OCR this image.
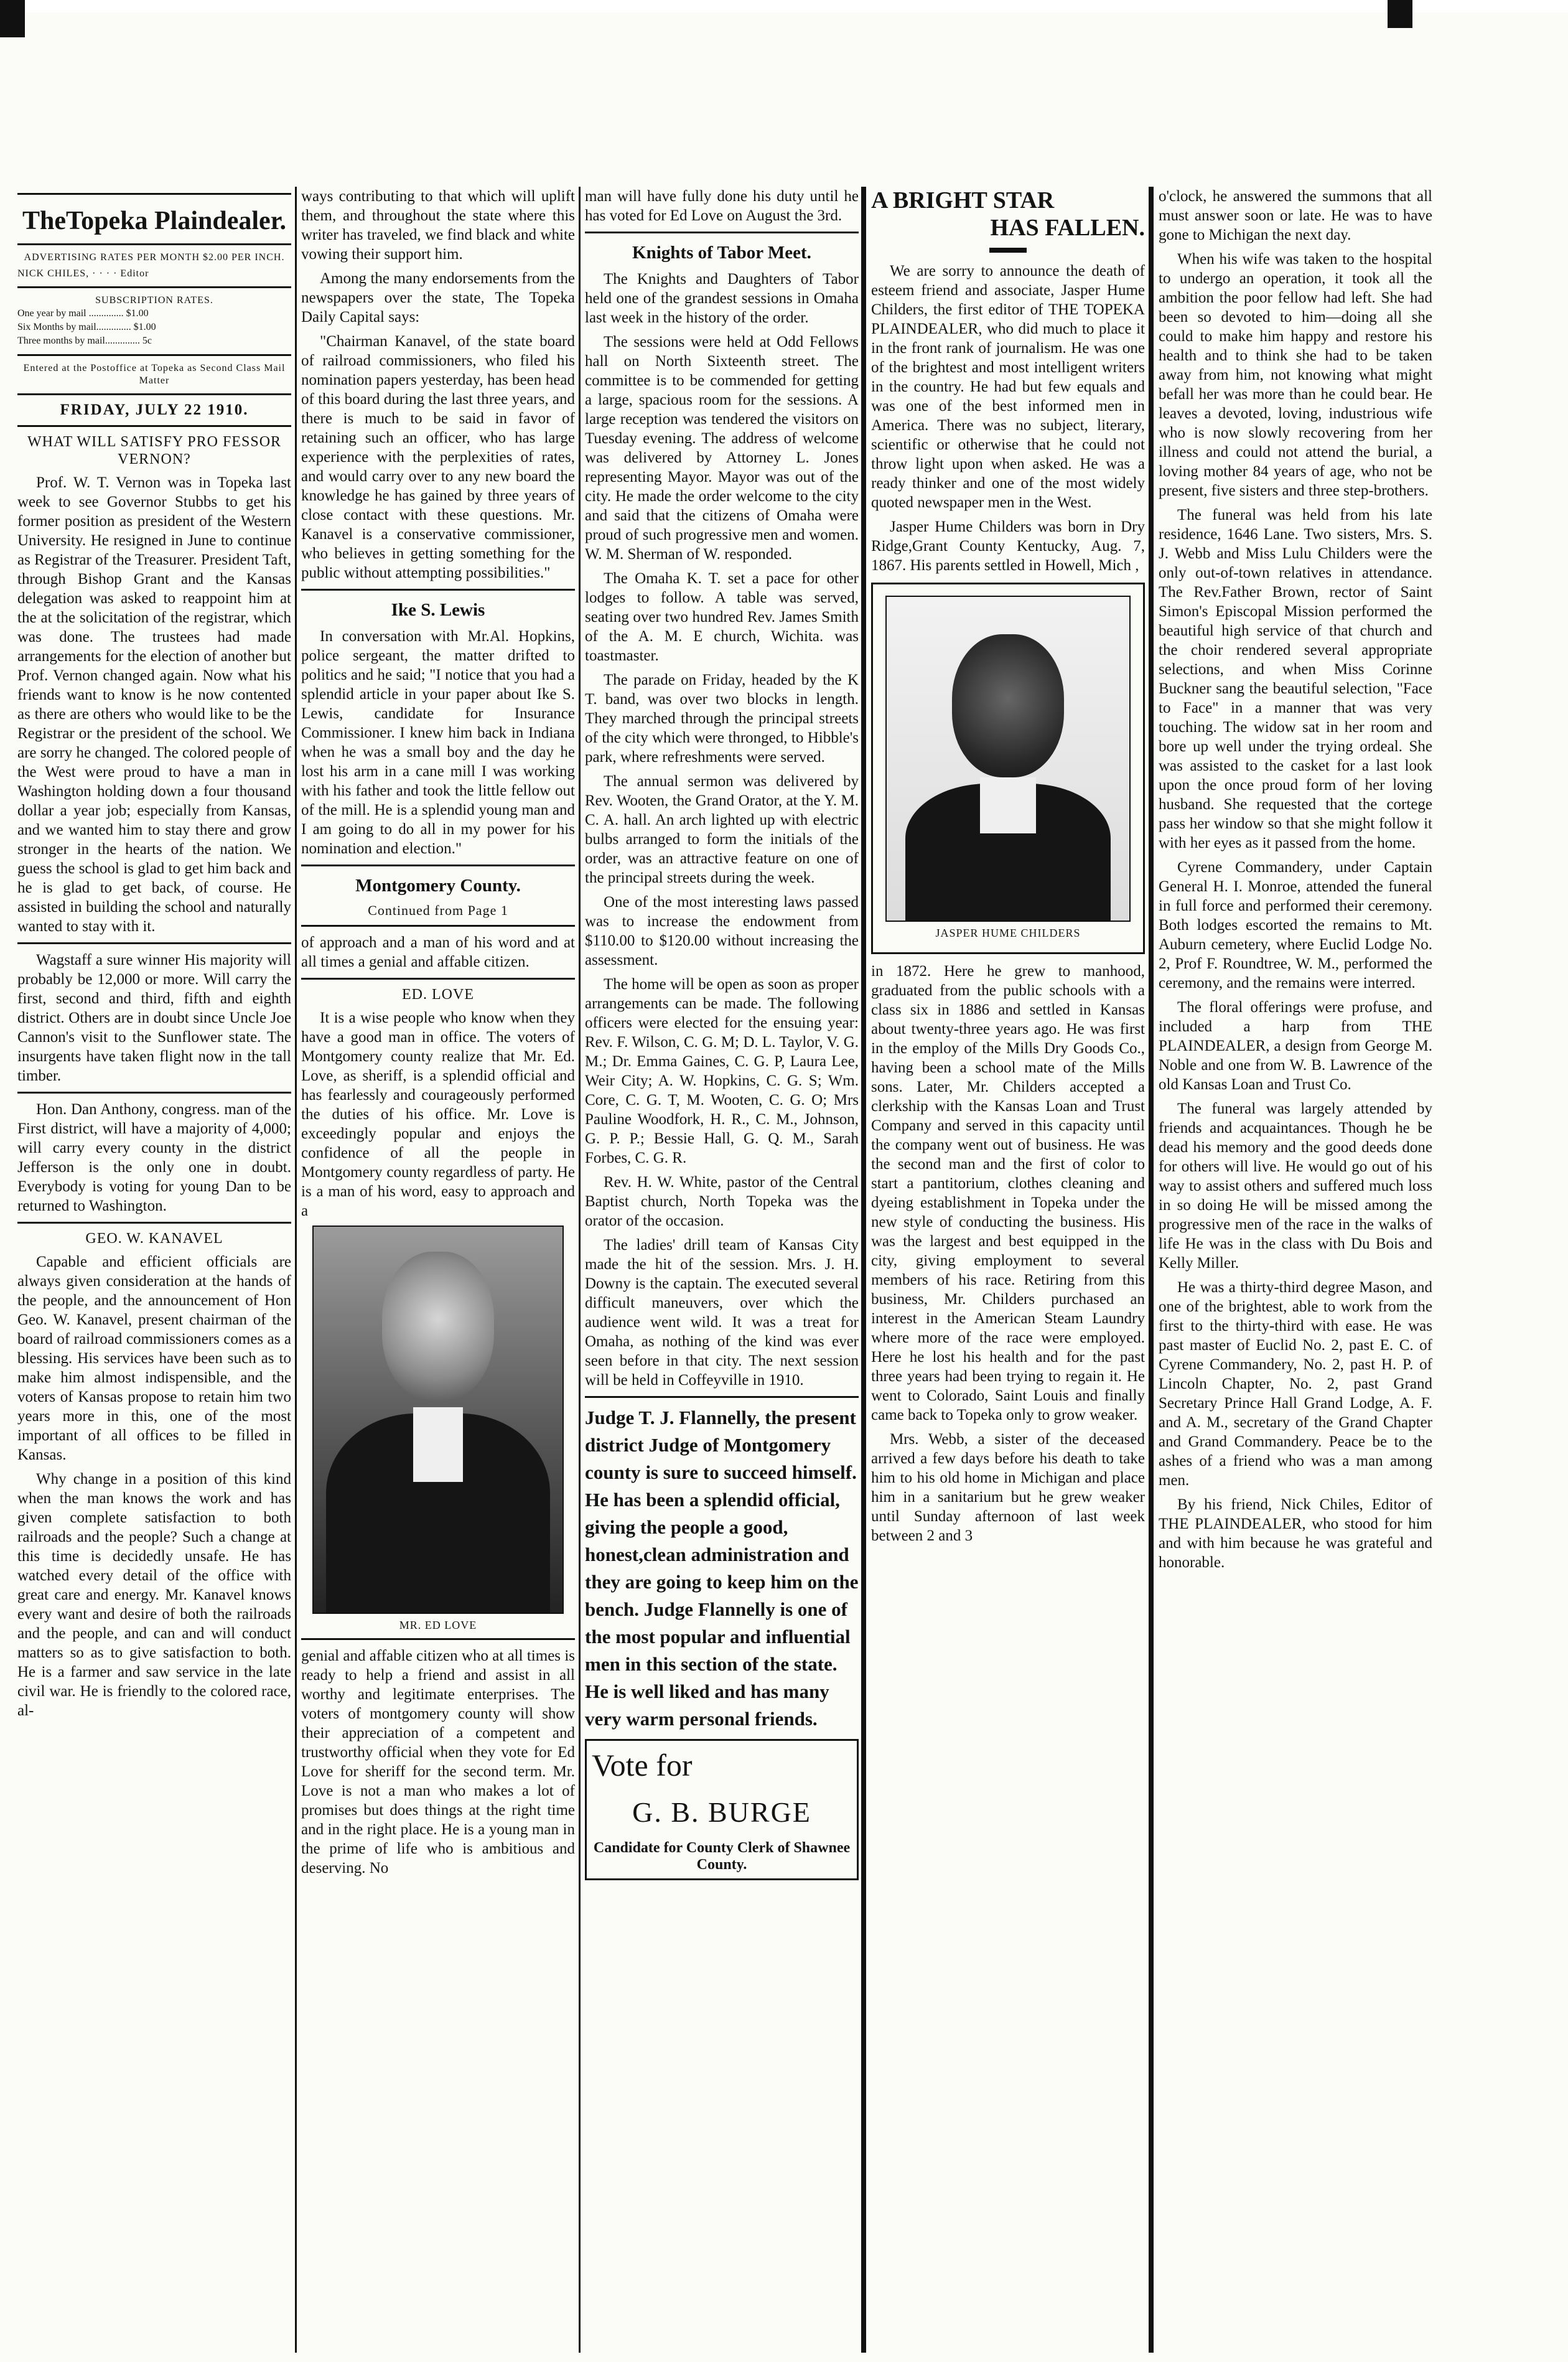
TheTopeka Plaindealer.
ADVERTISING RATES PER MONTH $2.00 PER INCH.
NICK CHILES, · · · · Editor
SUBSCRIPTION RATES.
One year by mail .............. $1.00
Six Months by mail.............. $1.00
Three months by mail.............. 5c
Entered at the Postoffice at Topeka as Second Class Mail Matter
FRIDAY, JULY 22 1910.
WHAT WILL SATISFY PRO FESSOR VERNON?

Prof. W. T. Vernon was in Topeka last week to see Governor Stubbs to get his former position as president of the Western University. He resigned in June to continue as Registrar of the Treasurer. President Taft, through Bishop Grant and the Kansas delegation was asked to reappoint him at the at the solicitation of the registrar, which was done. The trustees had made arrangements for the election of another but Prof. Vernon changed again. Now what his friends want to know is he now contented as there are others who would like to be the Registrar or the president of the school. We are sorry he changed. The colored people of the West were proud to have a man in Washington holding down a four thousand dollar a year job; especially from Kansas, and we wanted him to stay there and grow stronger in the hearts of the nation. We guess the school is glad to get him back and he is glad to get back, of course. He assisted in building the school and naturally wanted to stay with it.

Wagstaff a sure winner His majority will probably be 12,000 or more. Will carry the first, second and third, fifth and eighth district. Others are in doubt since Uncle Joe Cannon's visit to the Sunflower state. The insurgents have taken flight now in the tall timber.

Hon. Dan Anthony, congress. man of the First district, will have a majority of 4,000; will carry every county in the district Jefferson is the only one in doubt. Everybody is voting for young Dan to be returned to Washington.

GEO. W. KANAVEL

Capable and efficient officials are always given consideration at the hands of the people, and the announcement of Hon Geo. W. Kanavel, present chairman of the board of railroad commissioners comes as a blessing. His services have been such as to make him almost indispensible, and the voters of Kansas propose to retain him two years more in this, one of the most important of all offices to be filled in Kansas.

Why change in a position of this kind when the man knows the work and has given complete satisfaction to both railroads and the people? Such a change at this time is decidedly unsafe. He has watched every detail of the office with great care and energy. Mr. Kanavel knows every want and desire of both the railroads and the people, and can and will conduct matters so as to give satisfaction to both. He is a farmer and saw service in the late civil war. He is friendly to the colored race, al-

ways contributing to that which will uplift them, and throughout the state where this writer has traveled, we find black and white vowing their support him.

Among the many endorsements from the newspapers over the state, The Topeka Daily Capital says:

"Chairman Kanavel, of the state board of railroad commissioners, who filed his nomination papers yesterday, has been head of this board during the last three years, and there is much to be said in favor of retaining such an officer, who has large experience with the perplexities of rates, and would carry over to any new board the knowledge he has gained by three years of close contact with these questions. Mr. Kanavel is a conservative commissioner, who believes in getting something for the public without attempting possibilities."

Ike S. Lewis

In conversation with Mr.Al. Hopkins, police sergeant, the matter drifted to politics and he said; "I notice that you had a splendid article in your paper about Ike S. Lewis, candidate for Insurance Commissioner. I knew him back in Indiana when he was a small boy and the day he lost his arm in a cane mill I was working with his father and took the little fellow out of the mill. He is a splendid young man and I am going to do all in my power for his nomination and election."

Montgomery County.
Continued from Page 1

of approach and a man of his word and at all times a genial and affable citizen.

ED. LOVE

It is a wise people who know when they have a good man in office. The voters of Montgomery county realize that Mr. Ed. Love, as sheriff, is a splendid official and has fearlessly and courageously performed the duties of his office. Mr. Love is exceedingly popular and enjoys the confidence of all the people in Montgomery county regardless of party. He is a man of his word, easy to approach and a

MR. ED LOVE

genial and affable citizen who at all times is ready to help a friend and assist in all worthy and legitimate enterprises. The voters of montgomery county will show their appreciation of a competent and trustworthy official when they vote for Ed Love for sheriff for the second term. Mr. Love is not a man who makes a lot of promises but does things at the right time and in the right place. He is a young man in the prime of life who is ambitious and deserving. No

man will have fully done his duty until he has voted for Ed Love on August the 3rd.

Knights of Tabor Meet.

The Knights and Daughters of Tabor held one of the grandest sessions in Omaha last week in the history of the order.

The sessions were held at Odd Fellows hall on North Sixteenth street. The committee is to be commended for getting a large, spacious room for the sessions. A large reception was tendered the visitors on Tuesday evening. The address of welcome was delivered by Attorney L. Jones representing Mayor. Mayor was out of the city. He made the order welcome to the city and said that the citizens of Omaha were proud of such progressive men and women. W. M. Sherman of W. responded.

The Omaha K. T. set a pace for other lodges to follow. A table was served, seating over two hundred Rev. James Smith of the A. M. E church, Wichita. was toastmaster.

The parade on Friday, headed by the K T. band, was over two blocks in length. They marched through the principal streets of the city which were thronged, to Hibble's park, where refreshments were served.

The annual sermon was delivered by Rev. Wooten, the Grand Orator, at the Y. M. C. A. hall. An arch lighted up with electric bulbs arranged to form the initials of the order, was an attractive feature on one of the principal streets during the week.

One of the most interesting laws passed was to increase the endowment from $110.00 to $120.00 without increasing the assessment.

The home will be open as soon as proper arrangements can be made. The following officers were elected for the ensuing year: Rev. F. Wilson, C. G. M; D. L. Taylor, V. G. M.; Dr. Emma Gaines, C. G. P, Laura Lee, Weir City; A. W. Hopkins, C. G. S; Wm. Core, C. G. T, M. Wooten, C. G. O; Mrs Pauline Woodfork, H. R., C. M., Johnson, G. P. P.; Bessie Hall, G. Q. M., Sarah Forbes, C. G. R.

Rev. H. W. White, pastor of the Central Baptist church, North Topeka was the orator of the occasion.

The ladies' drill team of Kansas City made the hit of the session. Mrs. J. H. Downy is the captain. The executed several difficult maneuvers, over which the audience went wild. It was a treat for Omaha, as nothing of the kind was ever seen before in that city. The next session will be held in Coffeyville in 1910.

Judge T. J. Flannelly, the present district Judge of Montgomery county is sure to succeed himself. He has been a splendid official, giving the people a good, honest,clean administration and they are going to keep him on the bench. Judge Flannelly is one of the most popular and influential men in this section of the state. He is well liked and has many very warm personal friends.
Vote for
G. B. BURGE
Candidate for County Clerk of Shawnee County.
A BRIGHT STAR
HAS FALLEN.

We are sorry to announce the death of esteem friend and associate, Jasper Hume Childers, the first editor of THE TOPEKA PLAINDEALER, who did much to place it in the front rank of journalism. He was one of the brightest and most intelligent writers in the country. He had but few equals and was one of the best informed men in America. There was no subject, literary, scientific or otherwise that he could not throw light upon when asked. He was a ready thinker and one of the most widely quoted newspaper men in the West.

Jasper Hume Childers was born in Dry Ridge,Grant County Kentucky, Aug. 7, 1867. His parents settled in Howell, Mich ,

JASPER HUME CHILDERS

in 1872. Here he grew to manhood, graduated from the public schools with a class six in 1886 and settled in Kansas about twenty-three years ago. He was first in the employ of the Mills Dry Goods Co., having been a school mate of the Mills sons. Later, Mr. Childers accepted a clerkship with the Kansas Loan and Trust Company and served in this capacity until the company went out of business. He was the second man and the first of color to start a pantitorium, clothes cleaning and dyeing establishment in Topeka under the new style of conducting the business. His was the largest and best equipped in the city, giving employment to several members of his race. Retiring from this business, Mr. Childers purchased an interest in the American Steam Laundry where more of the race were employed. Here he lost his health and for the past three years had been trying to regain it. He went to Colorado, Saint Louis and finally came back to Topeka only to grow weaker.

Mrs. Webb, a sister of the deceased arrived a few days before his death to take him to his old home in Michigan and place him in a sanitarium but he grew weaker until Sunday afternoon of last week between 2 and 3

o'clock, he answered the summons that all must answer soon or late. He was to have gone to Michigan the next day.

When his wife was taken to the hospital to undergo an operation, it took all the ambition the poor fellow had left. She had been so devoted to him—doing all she could to make him happy and restore his health and to think she had to be taken away from him, not knowing what might befall her was more than he could bear. He leaves a devoted, loving, industrious wife who is now slowly recovering from her illness and could not attend the burial, a loving mother 84 years of age, who not be present, five sisters and three step-brothers.

The funeral was held from his late residence, 1646 Lane. Two sisters, Mrs. S. J. Webb and Miss Lulu Childers were the only out-of-town relatives in attendance. The Rev.Father Brown, rector of Saint Simon's Episcopal Mission performed the beautiful high service of that church and the choir rendered several appropriate selections, and when Miss Corinne Buckner sang the beautiful selection, "Face to Face" in a manner that was very touching. The widow sat in her room and bore up well under the trying ordeal. She was assisted to the casket for a last look upon the once proud form of her loving husband. She requested that the cortege pass her window so that she might follow it with her eyes as it passed from the home.

Cyrene Commandery, under Captain General H. I. Monroe, attended the funeral in full force and performed their ceremony. Both lodges escorted the remains to Mt. Auburn cemetery, where Euclid Lodge No. 2, Prof F. Roundtree, W. M., performed the ceremony, and the remains were interred.

The floral offerings were profuse, and included a harp from THE PLAINDEALER, a design from George M. Noble and one from W. B. Lawrence of the old Kansas Loan and Trust Co.

The funeral was largely attended by friends and acquaintances. Though he be dead his memory and the good deeds done for others will live. He would go out of his way to assist others and suffered much loss in so doing He will be missed among the progressive men of the race in the walks of life He was in the class with Du Bois and Kelly Miller.

He was a thirty-third degree Mason, and one of the brightest, able to work from the first to the thirty-third with ease. He was past master of Euclid No. 2, past E. C. of Cyrene Commandery, No. 2, past H. P. of Lincoln Chapter, No. 2, past Grand Secretary Prince Hall Grand Lodge, A. F. and A. M., secretary of the Grand Chapter and Grand Commandery. Peace be to the ashes of a friend who was a man among men.

By his friend, Nick Chiles, Editor of THE PLAINDEALER, who stood for him and with him because he was grateful and honorable.
